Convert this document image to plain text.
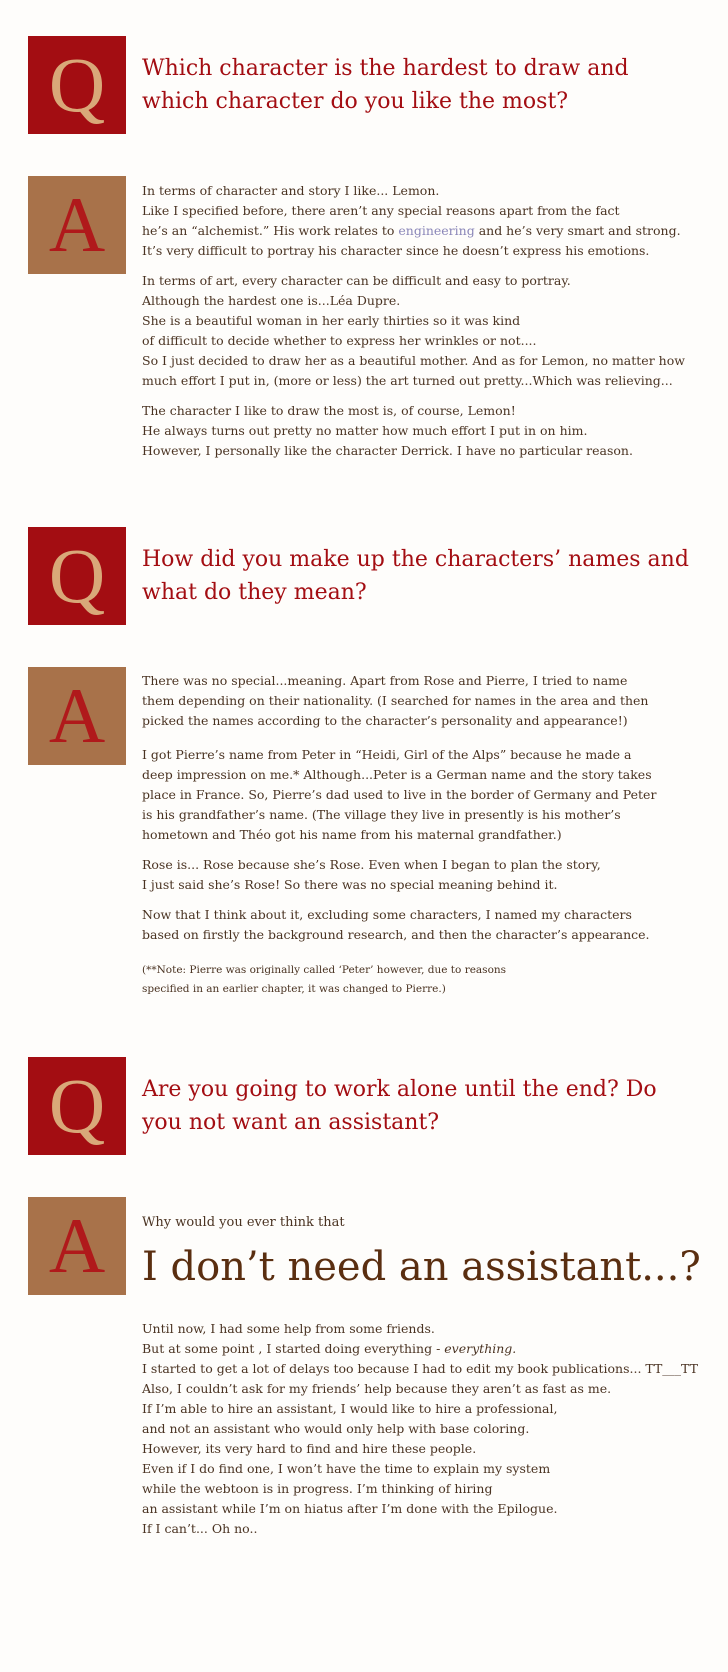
Q	Which character is the hardest to draw and which character do you like the most?
A	In terms of character and story I like... Lemon.
Like I specified before, there aren’t any special reasons apart from the fact
he’s an “alchemist.” His work relates to engineering and he’s very smart and strong.
It’s very difficult to portray his character since he doesn’t express his emotions.

In terms of art, every character can be difficult and easy to portray.
Although the hardest one is...Léa Dupre.
She is a beautiful woman in her early thirties so it was kind
of difficult to decide whether to express her wrinkles or not....
So I just decided to draw her as a beautiful mother. And as for Lemon, no matter how
much effort I put in, (more or less) the art turned out pretty...Which was relieving...

The character I like to draw the most is, of course, Lemon!
He always turns out pretty no matter how much effort I put in on him.
However, I personally like the character Derrick. I have no particular reason.

Q	How did you make up the characters’ names and what do they mean?
A	There was no special...meaning. Apart from Rose and Pierre, I tried to name
them depending on their nationality. (I searched for names in the area and then
picked the names according to the character’s personality and appearance!)

I got Pierre’s name from Peter in “Heidi, Girl of the Alps” because he made a
deep impression on me.* Although...Peter is a German name and the story takes
place in France. So, Pierre’s dad used to live in the border of Germany and Peter
is his grandfather’s name. (The village they live in presently is his mother’s
hometown and Théo got his name from his maternal grandfather.)

Rose is... Rose because she’s Rose. Even when I began to plan the story,
I just said she’s Rose! So there was no special meaning behind it.

Now that I think about it, excluding some characters, I named my characters
based on firstly the background research, and then the character’s appearance.

(**Note: Pierre was originally called ‘Peter’ however, due to reasons
specified in an earlier chapter, it was changed to Pierre.)

Q	Are you going to work alone until the end? Do you not want an assistant?
A	Why would you ever think that
I don’t need an assistant...?

Until now, I had some help from some friends.
But at some point , I started doing everything - everything.
I started to get a lot of delays too because I had to edit my book publications... TT___TT
Also, I couldn’t ask for my friends’ help because they aren’t as fast as me.
If I’m able to hire an assistant, I would like to hire a professional,
and not an assistant who would only help with base coloring.
However, its very hard to find and hire these people.
Even if I do find one, I won’t have the time to explain my system
while the webtoon is in progress. I’m thinking of hiring
an assistant while I’m on hiatus after I’m done with the Epilogue.
If I can’t... Oh no..
